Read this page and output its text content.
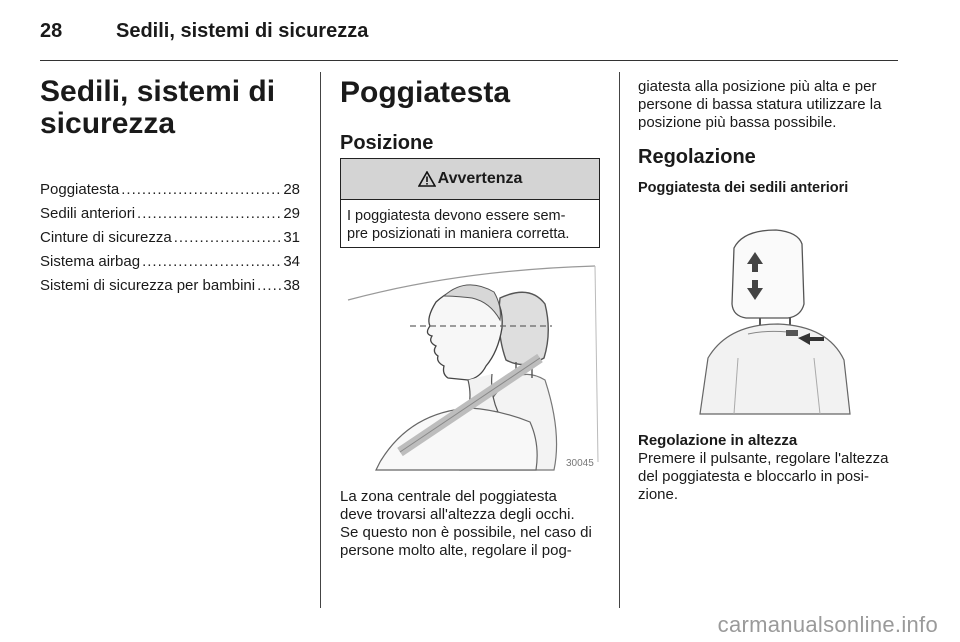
28	Sedili, sistemi di sicurezza
Sedili, sistemi di sicurezza
Poggiatesta .....	28
Sedili anteriori .....	29
Cinture di sicurezza .....	31
Sistema airbag .....	34
Sistemi di sicurezza per bambini ..... 38
Poggiatesta
Posizione
Avvertenza
I poggiatesta devono essere sem-
pre posizionati in maniera corretta.
30045
La zona centrale del poggiatesta
deve trovarsi all'altezza degli occhi.
Se questo non è possibile, nel caso di
persone molto alte, regolare il pog-
giatesta alla posizione più alta e per
persone di bassa statura utilizzare la
posizione più bassa possibile.
Regolazione
Poggiatesta dei sedili anteriori
Regolazione in altezza
Premere il pulsante, regolare l'altezza
del poggiatesta e bloccarlo in posi-
zione.
carmanualsonline.info
